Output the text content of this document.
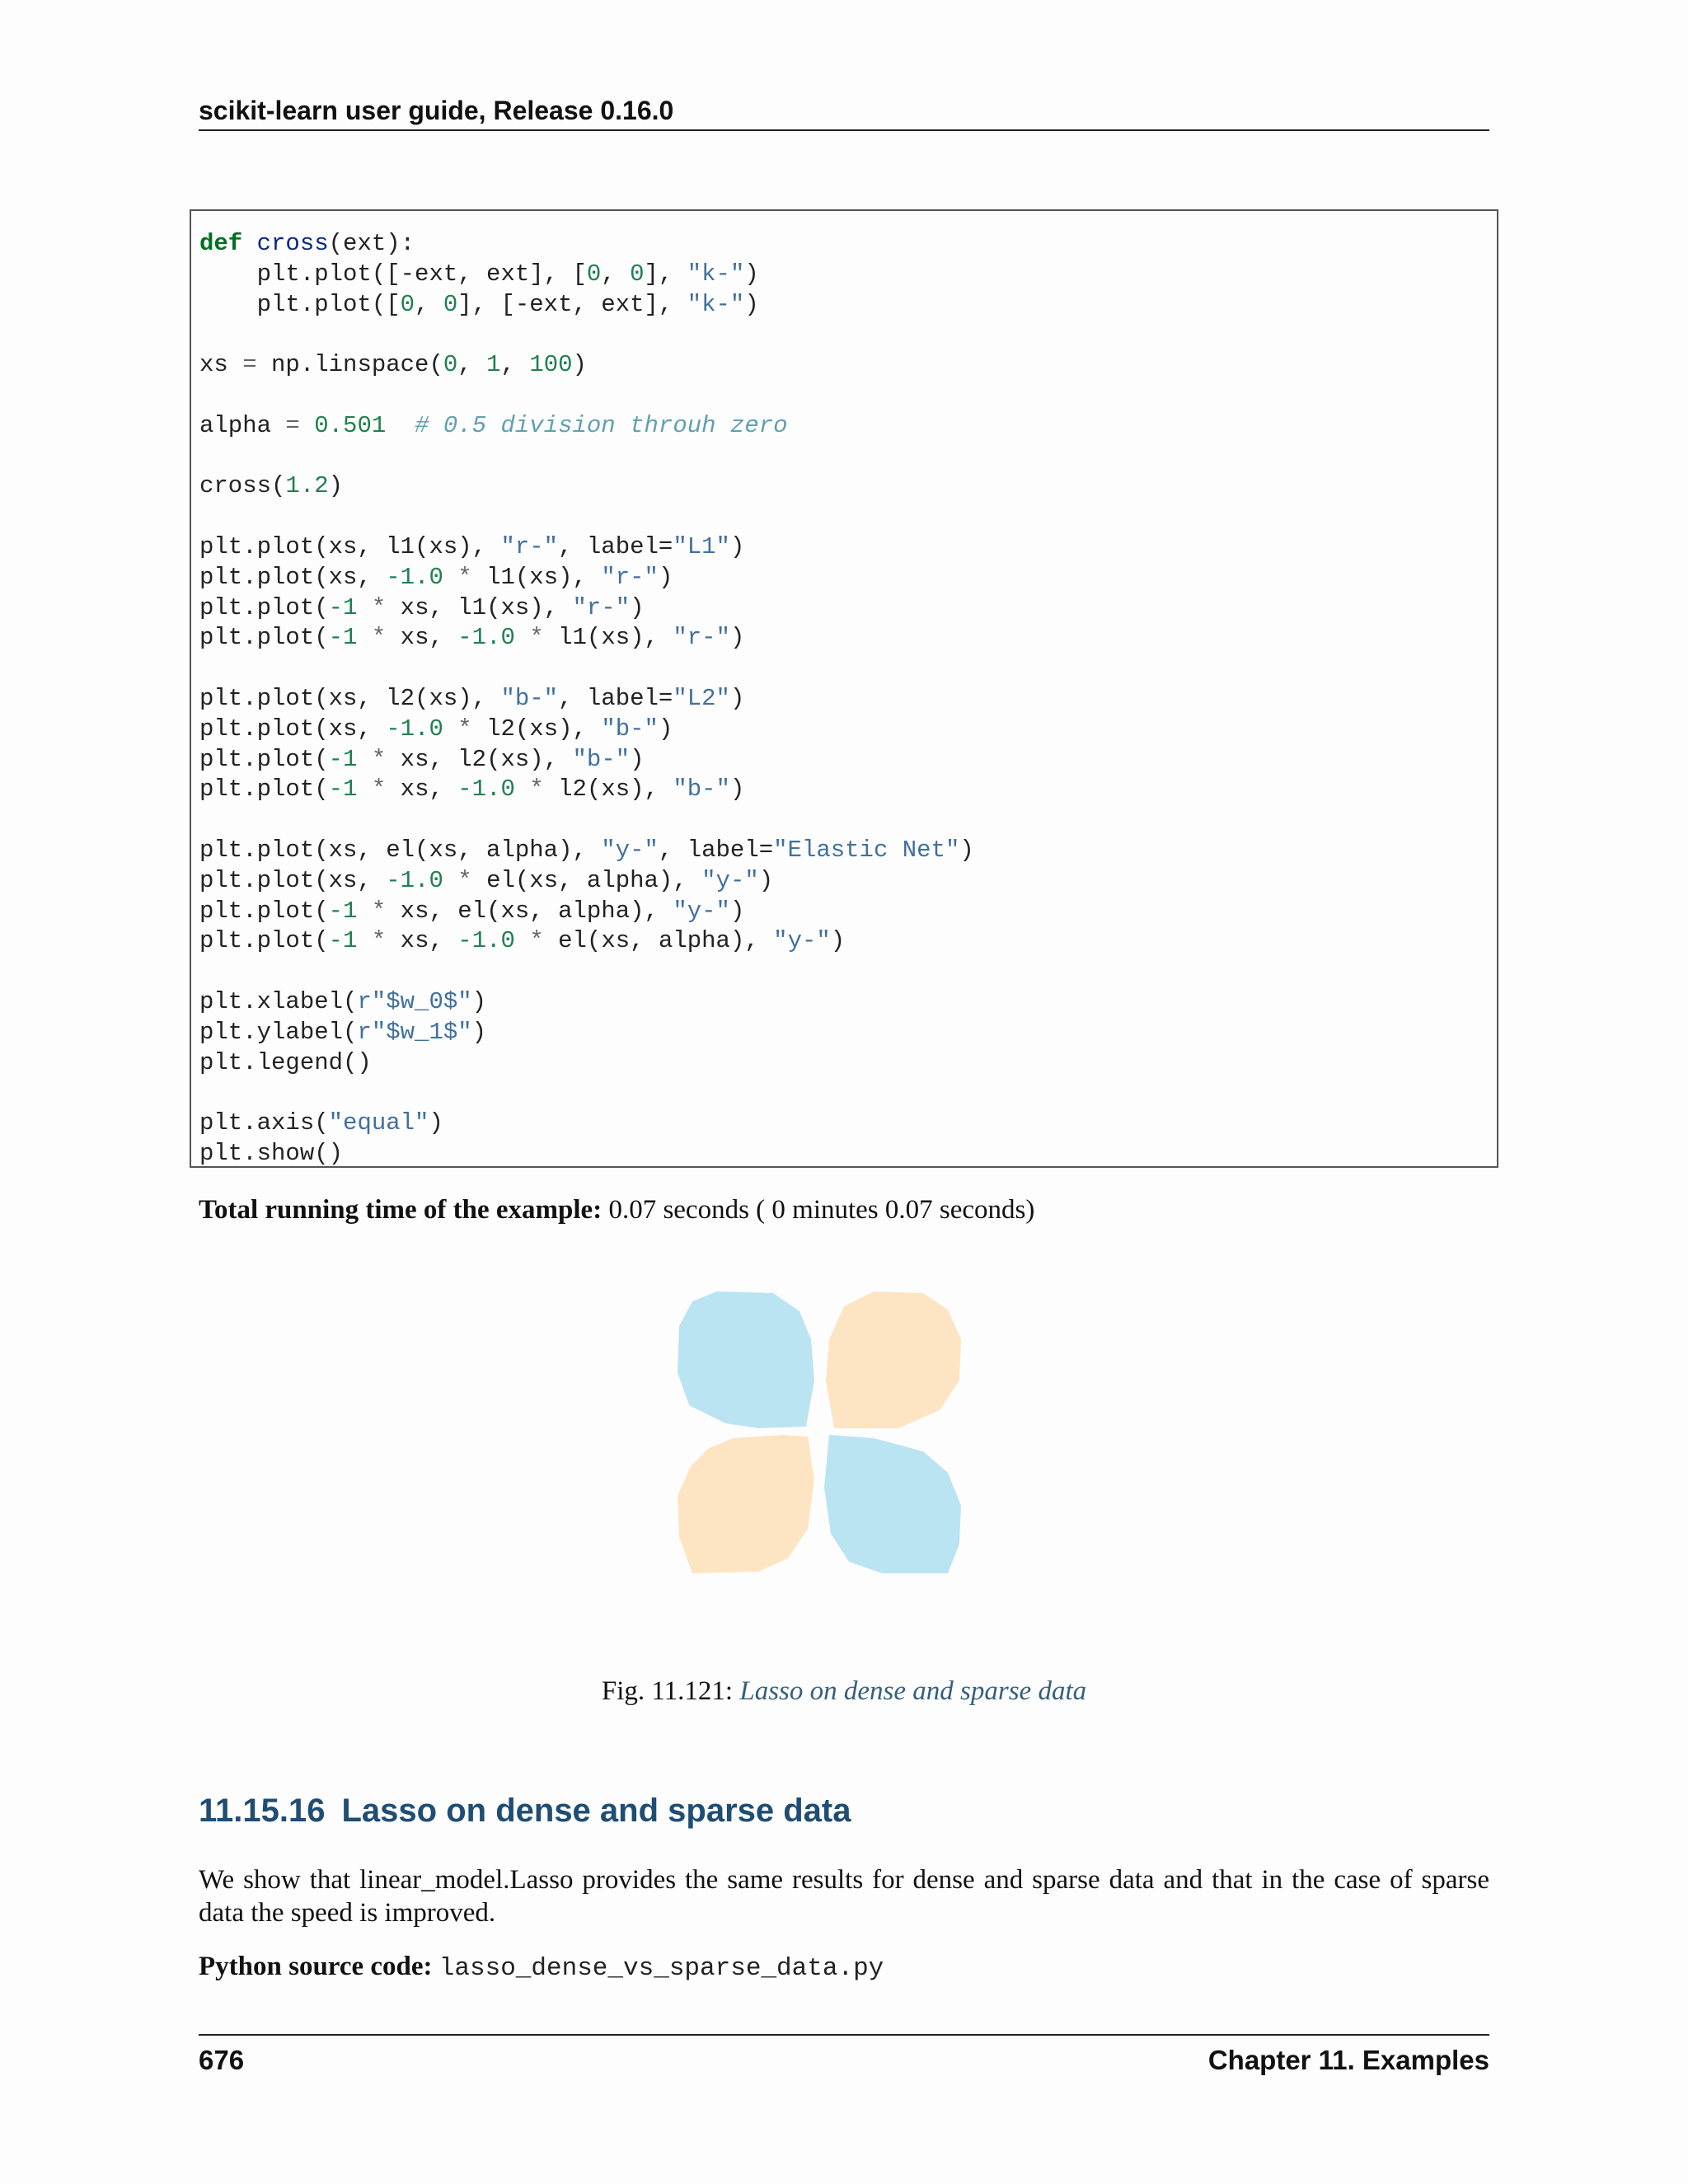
scikit-learn user guide, Release 0.16.0
def cross(ext):
plt.plot([-ext, ext], [0, 0], "k-")
plt.plot([0, 0], [-ext, ext], "k-")

xs = np.linspace(0, 1, 100)

alpha = 0.501 # 0.5 division throuh zero

cross(1.2)

plt.plot(xs, l1(xs), "r-", label="L1")
plt.plot(xs, -1.0 * l1(xs), "r-")
plt.plot(-1 * xs, l1(xs), "r-")
plt.plot(-1 * xs, -1.0 * l1(xs), "r-")

plt.plot(xs, l2(xs), "b-", label="L2")
plt.plot(xs, -1.0 * l2(xs), "b-")
plt.plot(-1 * xs, l2(xs), "b-")
plt.plot(-1 * xs, -1.0 * l2(xs), "b-")

plt.plot(xs, el(xs, alpha), "y-", label="Elastic Net")
plt.plot(xs, -1.0 * el(xs, alpha), "y-")
plt.plot(-1 * xs, el(xs, alpha), "y-")
plt.plot(-1 * xs, -1.0 * el(xs, alpha), "y-")

plt.xlabel(r"$w_0$")
plt.ylabel(r"$w_1$")
plt.legend()

plt.axis("equal")
plt.show()
Total running time of the example: 0.07 seconds ( 0 minutes 0.07 seconds)
Fig. 11.121: Lasso on dense and sparse data
11.15.16 Lasso on dense and sparse data
We show that linear_model.Lasso provides the same results for dense and sparse data and that in the case of sparse data the speed is improved.
Python source code: lasso_dense_vs_sparse_data.py
676	Chapter 11. Examples
